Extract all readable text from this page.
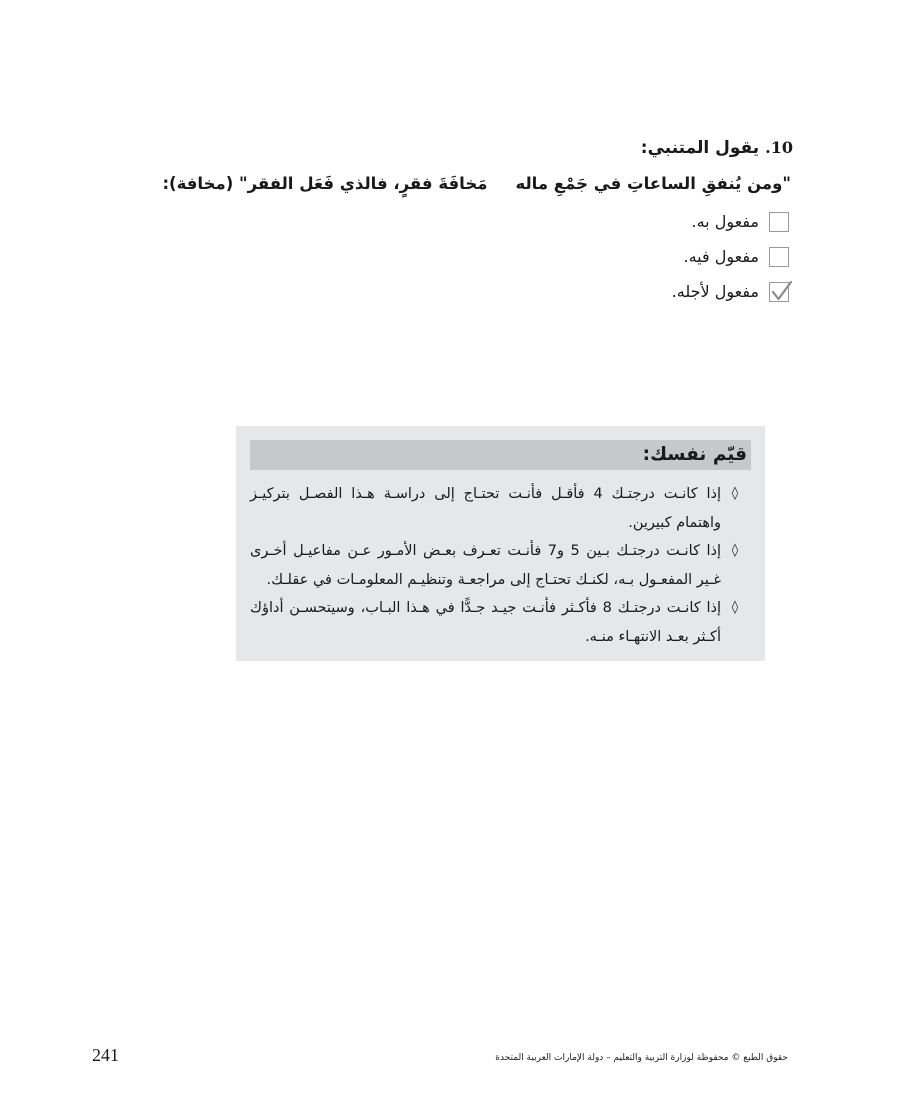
10.
يقول المتنبي:
"ومن يُنفقِ الساعاتِ في جَمْعِ مالهمَخافَةَ فقرٍ، فالذي فَعَل الفقر" (مخافة):
مفعول به.
مفعول فيه.
مفعول لأجله.
قيّم نفسك:
◊
إذا كانـت درجتـك 4 فأقـل فأنـت تحتـاج إلى دراسـة هـذا الفصـل بتركيـز واهتمام كبيرين.
◊
إذا كانـت درجتـك بـين 5 و7 فأنـت تعـرف بعـض الأمـور عـن مفاعيـل أخـرى غـير المفعـول بـه، لكنـك تحتـاج إلى مراجعـة وتنظيـم المعلومـات في عقلـك.
◊
إذا كانـت درجتـك 8 فأكـثر فأنـت جيـد جـدًّا في هـذا البـاب، وسيتحسـن أداؤك أكـثر بعـد الانتهـاء منـه.
241	حقوق الطبع © محفوظة لوزارة التربية والتعليم – دولة الإمارات العربية المتحدة
